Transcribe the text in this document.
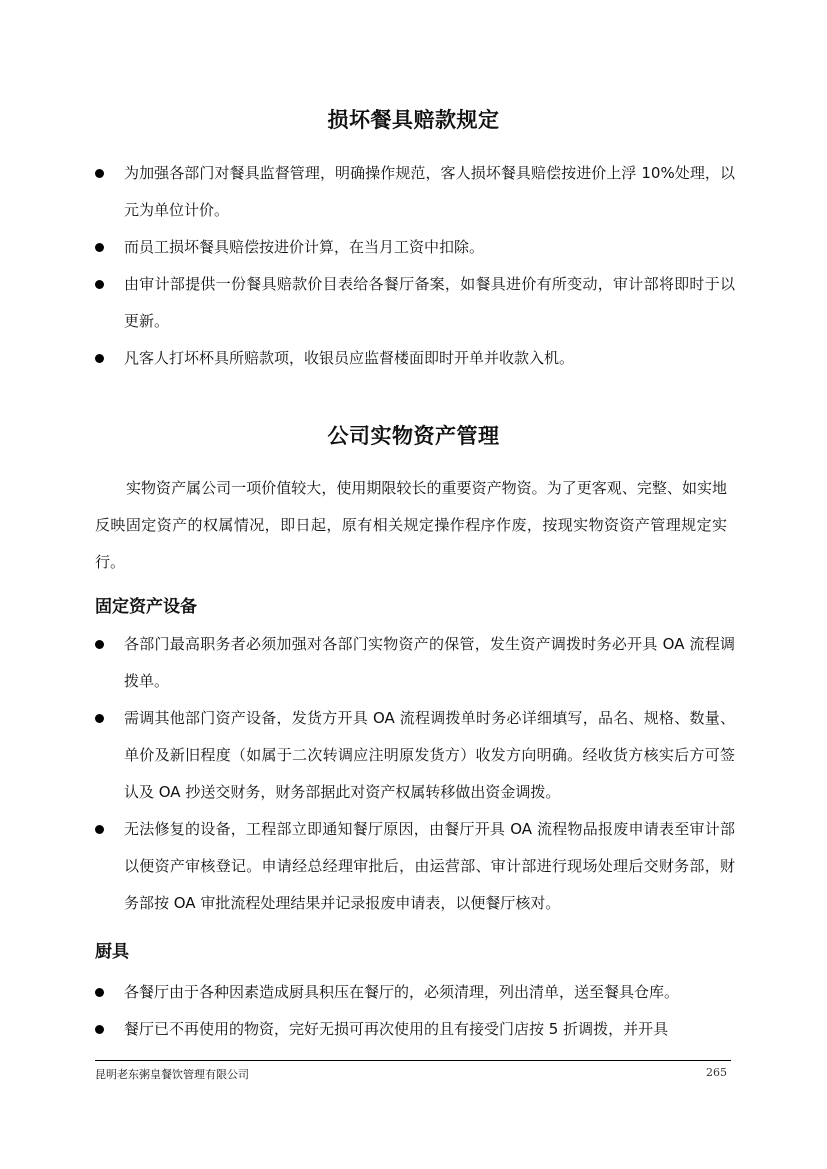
损坏餐具赔款规定
为加强各部门对餐具监督管理，明确操作规范，客人损坏餐具赔偿按进价上浮 10%处理，以元为单位计价。
而员工损坏餐具赔偿按进价计算，在当月工资中扣除。
由审计部提供一份餐具赔款价目表给各餐厅备案，如餐具进价有所变动，审计部将即时于以更新。
凡客人打坏杯具所赔款项，收银员应监督楼面即时开单并收款入机。
公司实物资产管理

实物资产属公司一项价值较大，使用期限较长的重要资产物资。为了更客观、完整、如实地反映固定资产的权属情况，即日起，原有相关规定操作程序作废，按现实物资资产管理规定实行。

固定资产设备
各部门最高职务者必须加强对各部门实物资产的保管，发生资产调拨时务必开具 OA 流程调拨单。
需调其他部门资产设备，发货方开具 OA 流程调拨单时务必详细填写，品名、规格、数量、单价及新旧程度（如属于二次转调应注明原发货方）收发方向明确。经收货方核实后方可签认及 OA 抄送交财务，财务部据此对资产权属转移做出资金调拨。
无法修复的设备，工程部立即通知餐厅原因，由餐厅开具 OA 流程物品报废申请表至审计部以便资产审核登记。申请经总经理审批后，由运营部、审计部进行现场处理后交财务部，财务部按 OA 审批流程处理结果并记录报废申请表，以便餐厅核对。
厨具
各餐厅由于各种因素造成厨具积压在餐厅的，必须清理，列出清单，送至餐具仓库。
餐厅已不再使用的物资，完好无损可再次使用的且有接受门店按 5 折调拨，并开具
昆明老东粥皇餐饮管理有限公司	265
